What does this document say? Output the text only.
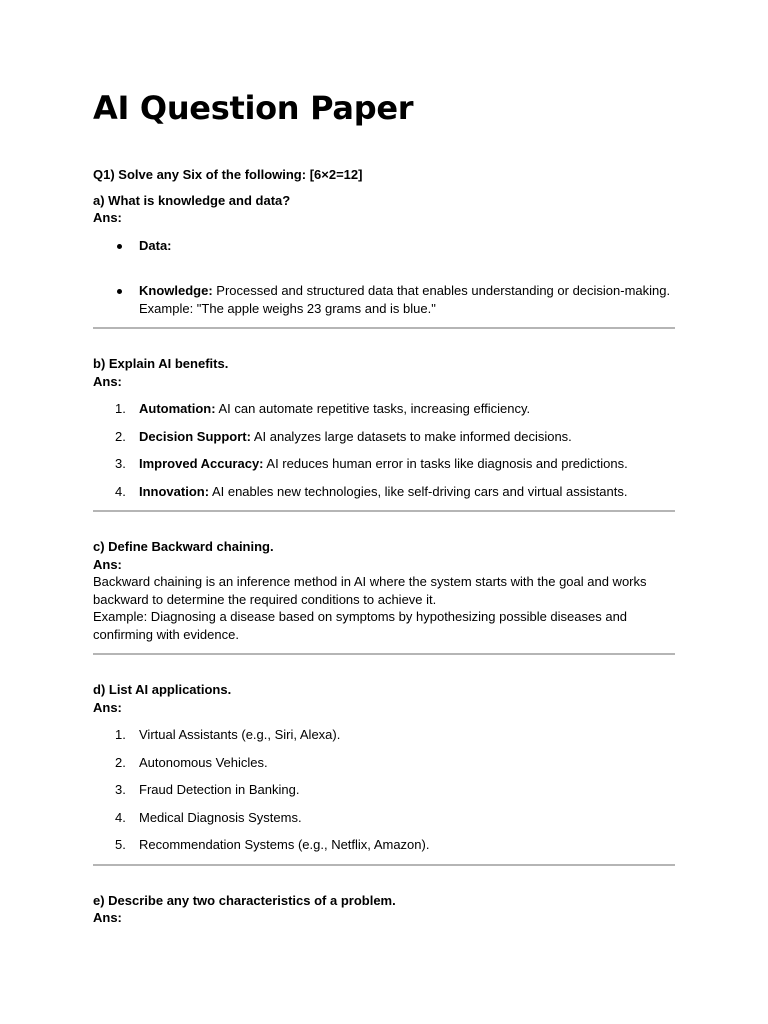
AI Question Paper
Q1) Solve any Six of the following: [6×2=12]
a) What is knowledge and data?
Ans:
Data:
Knowledge: Processed and structured data that enables understanding or decision-making.
Example: "The apple weighs 23 grams and is blue."
b) Explain AI benefits.
Ans:
1. Automation: AI can automate repetitive tasks, increasing efficiency.
2. Decision Support: AI analyzes large datasets to make informed decisions.
3. Improved Accuracy: AI reduces human error in tasks like diagnosis and predictions.
4. Innovation: AI enables new technologies, like self-driving cars and virtual assistants.
c) Define Backward chaining.
Ans:

Backward chaining is an inference method in AI where the system starts with the goal and works backward to determine the required conditions to achieve it.

Example: Diagnosing a disease based on symptoms by hypothesizing possible diseases and confirming with evidence.

d) List AI applications.
Ans:
1. Virtual Assistants (e.g., Siri, Alexa).
2. Autonomous Vehicles.
3. Fraud Detection in Banking.
4. Medical Diagnosis Systems.
5. Recommendation Systems (e.g., Netflix, Amazon).
e) Describe any two characteristics of a problem.
Ans:
